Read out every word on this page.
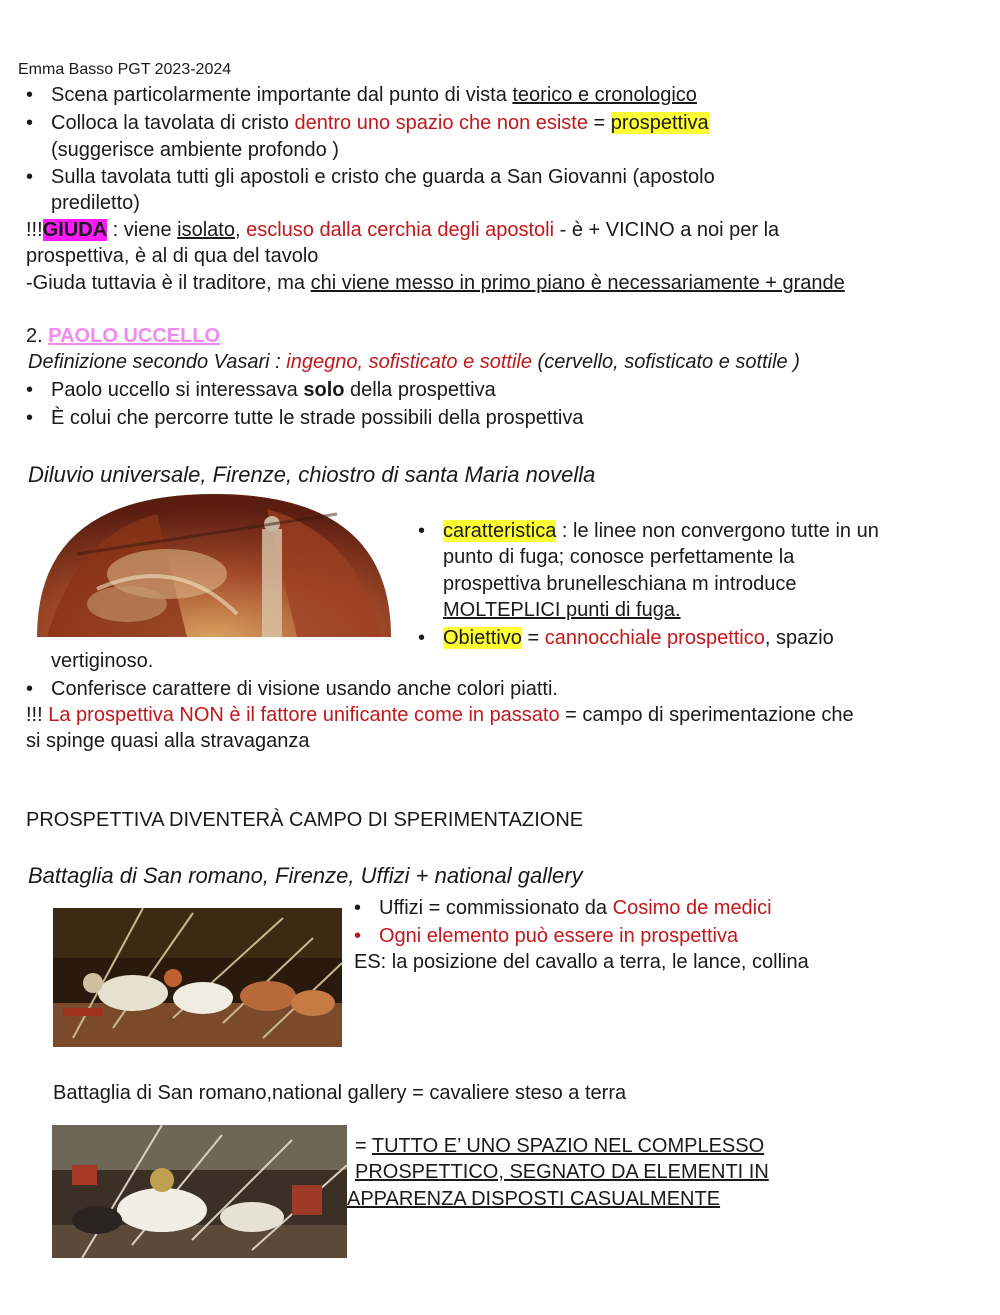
Emma Basso PGT 2023-2024
• Scena particolarmente importante dal punto di vista teorico e cronologico
• Colloca la tavolata di cristo dentro uno spazio che non esiste = prospettiva
(suggerisce ambiente profondo )
• Sulla tavolata tutti gli apostoli e cristo che guarda a San Giovanni (apostolo
prediletto)
!!!GIUDA : viene isolato, escluso dalla cerchia degli apostoli - è + VICINO a noi per la
prospettiva, è al di qua del tavolo
-Giuda tuttavia è il traditore, ma chi viene messo in primo piano è necessariamente + grande
2. PAOLO UCCELLO
Definizione secondo Vasari : ingegno, sofisticato e sottile (cervello, sofisticato e sottile )
• Paolo uccello si interessava solo della prospettiva
• È colui che percorre tutte le strade possibili della prospettiva
Diluvio universale, Firenze, chiostro di santa Maria novella
• caratteristica : le linee non convergono tutte in un
punto di fuga; conosce perfettamente la
prospettiva brunelleschiana m introduce
MOLTEPLICI punti di fuga.
• Obiettivo = cannocchiale prospettico, spazio
vertiginoso.
• Conferisce carattere di visione usando anche colori piatti.
!!! La prospettiva NON è il fattore unificante come in passato = campo di sperimentazione che
si spinge quasi alla stravaganza
PROSPETTIVA DIVENTERÀ CAMPO DI SPERIMENTAZIONE
Battaglia di San romano, Firenze, Uffizi + national gallery
• Uffizi = commissionato da Cosimo de medici
• Ogni elemento può essere in prospettiva
ES: la posizione del cavallo a terra, le lance, collina
Battaglia di San romano,national gallery = cavaliere steso a terra
= TUTTO E’ UNO SPAZIO NEL COMPLESSO
PROSPETTICO, SEGNATO DA ELEMENTI IN
APPARENZA DISPOSTI CASUALMENTE
